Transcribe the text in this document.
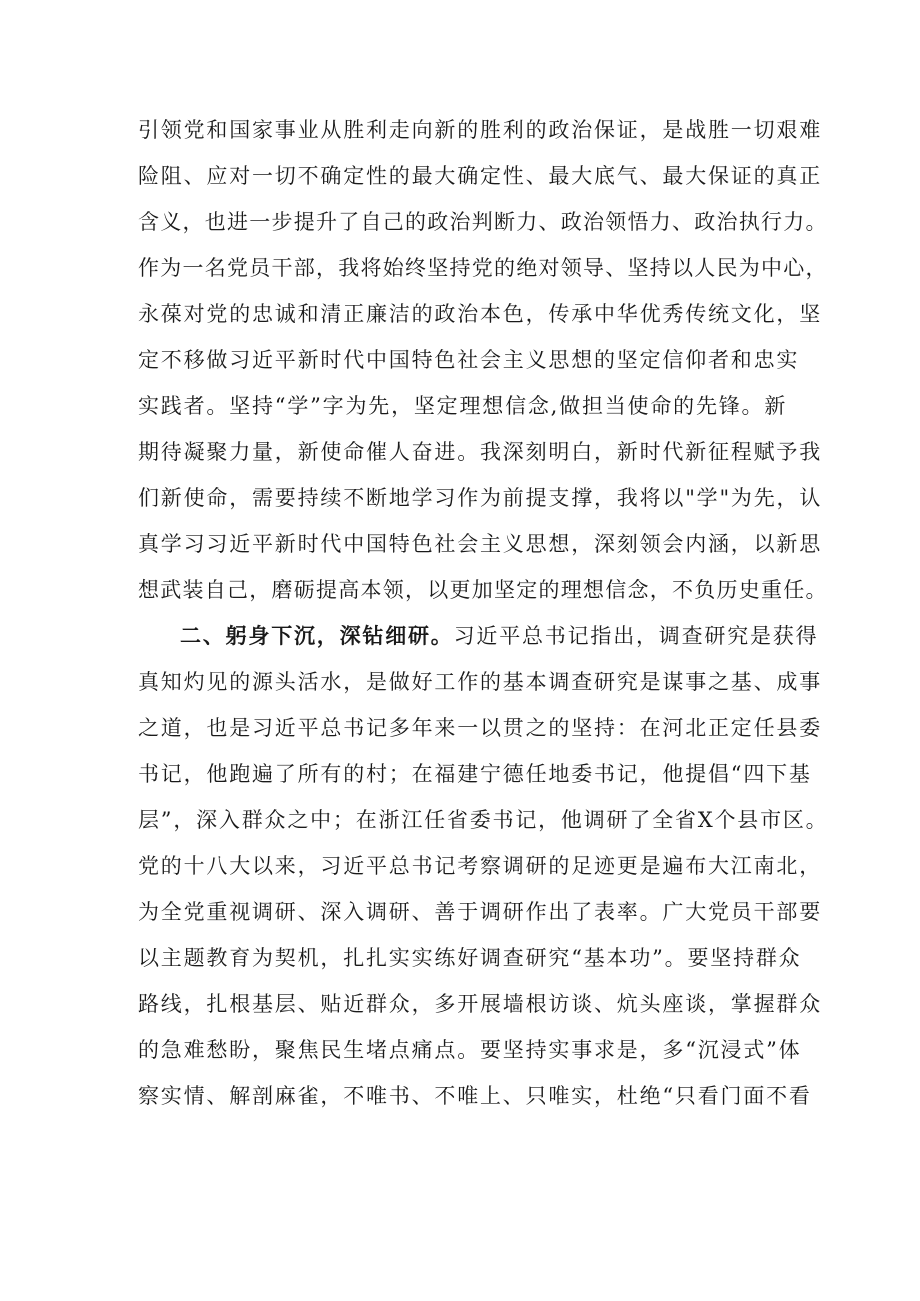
引领党和国家事业从胜利走向新的胜利的政治保证，是战胜一切艰难
险阻、应对一切不确定性的最大确定性、最大底气、最大保证的真正
含义，也进一步提升了自己的政治判断力、政治领悟力、政治执行力。
作为一名党员干部，我将始终坚持党的绝对领导、坚持以人民为中心，
永葆对党的忠诚和清正廉洁的政治本色，传承中华优秀传统文化，坚
定不移做习近平新时代中国特色社会主义思想的坚定信仰者和忠实
实践者。坚持“学”字为先，坚定理想信念,做担当使命的先锋。新
期待凝聚力量，新使命催人奋进。我深刻明白，新时代新征程赋予我
们新使命，需要持续不断地学习作为前提支撑，我将以"学"为先，认
真学习习近平新时代中国特色社会主义思想，深刻领会内涵，以新思
想武装自己，磨砺提高本领，以更加坚定的理想信念，不负历史重任。
二、躬身下沉，深钻细研。习近平总书记指出，调查研究是获得
真知灼见的源头活水，是做好工作的基本调查研究是谋事之基、成事
之道，也是习近平总书记多年来一以贯之的坚持：在河北正定任县委
书记，他跑遍了所有的村；在福建宁德任地委书记，他提倡“四下基
层”，深入群众之中；在浙江任省委书记，他调研了全省X个县市区。
党的十八大以来，习近平总书记考察调研的足迹更是遍布大江南北，
为全党重视调研、深入调研、善于调研作出了表率。广大党员干部要
以主题教育为契机，扎扎实实练好调查研究“基本功”。要坚持群众
路线，扎根基层、贴近群众，多开展墙根访谈、炕头座谈，掌握群众
的急难愁盼，聚焦民生堵点痛点。要坚持实事求是，多“沉浸式”体
察实情、解剖麻雀，不唯书、不唯上、只唯实，杜绝“只看门面不看
